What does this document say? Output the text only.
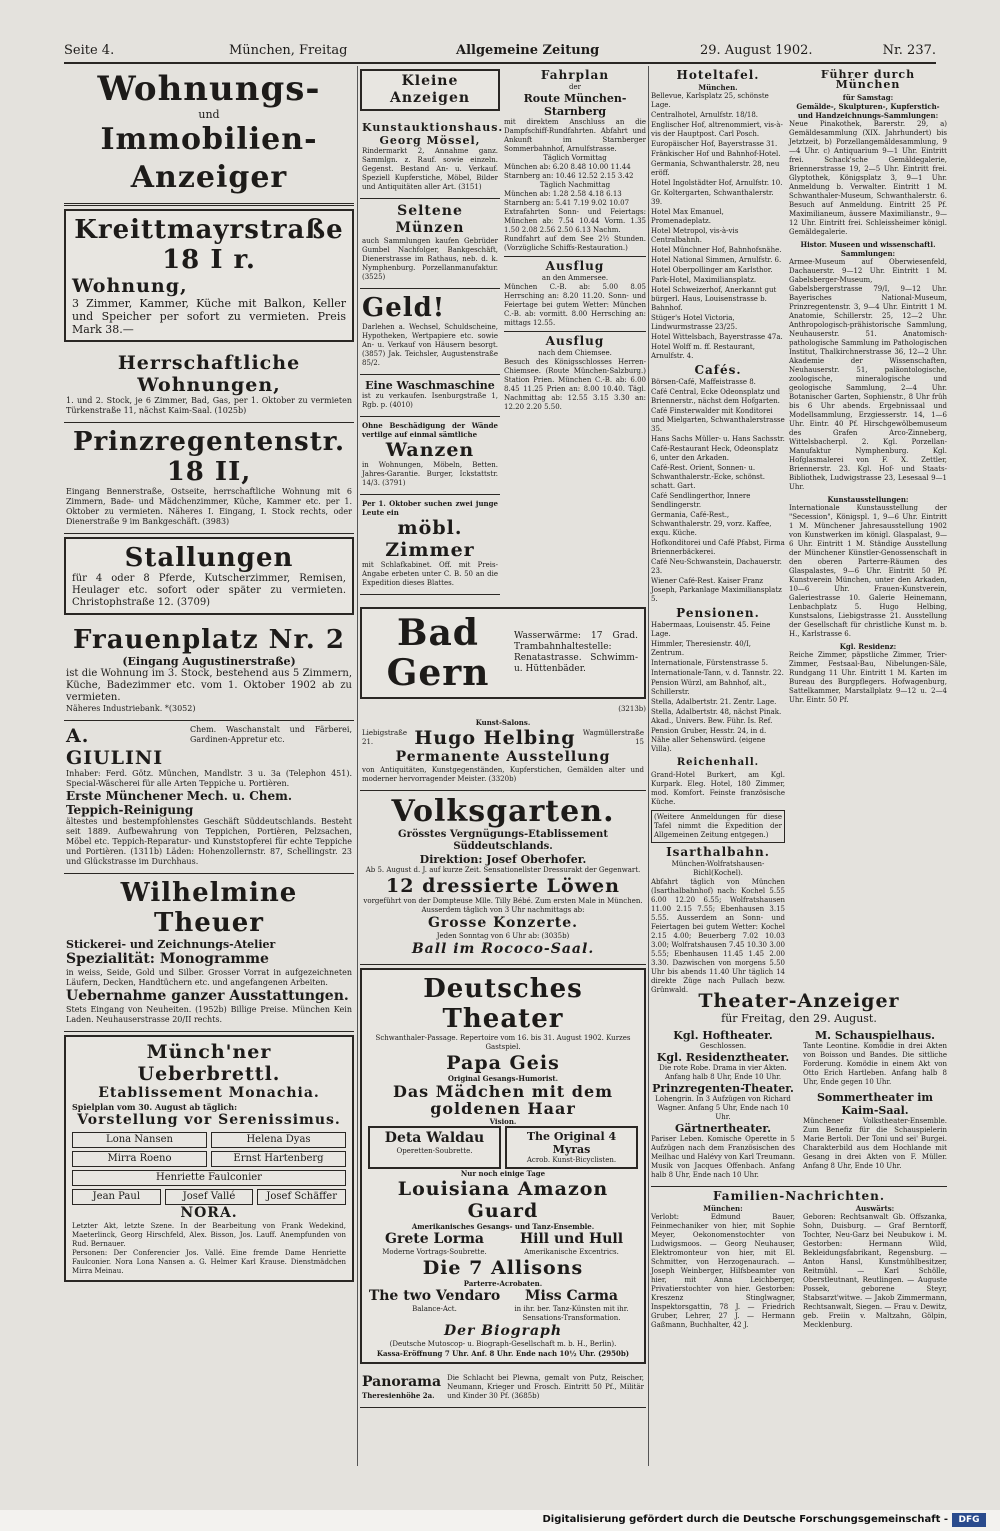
Seite 4.	München, Freitag	Allgemeine Zeitung	29. August 1902.	Nr. 237.
Wohnungs-
und
Immobilien-Anzeiger
Kreittmayrstraße 18 I r.
Wohnung,
3 Zimmer, Kammer, Küche mit Balkon, Keller und Speicher per sofort zu vermieten. Preis Mark 38.—
Herrschaftliche Wohnungen,
1. und 2. Stock, je 6 Zimmer, Bad, Gas, per 1. Oktober zu vermieten Türkenstraße 11, nächst Kaim-Saal. (1025b)
Prinzregentenstr. 18 II,
Eingang Bennerstraße, Ostseite, herrschaftliche Wohnung mit 6 Zimmern, Bade- und Mädchenzimmer, Küche, Kammer etc. per 1. Oktober zu vermieten. Näheres I. Eingang, I. Stock rechts, oder Dienerstraße 9 im Bankgeschäft. (3983)
Stallungen
für 4 oder 8 Pferde, Kutscherzimmer, Remisen, Heulager etc. sofort oder später zu vermieten. Christophstraße 12. (3709)
Frauenplatz Nr. 2
(Eingang Augustinerstraße)
ist die Wohnung im 3. Stock, bestehend aus 5 Zimmern, Küche, Badezimmer etc. vom 1. Oktober 1902 ab zu vermieten.
Näheres Industriebank. *(3052)
A. GIULINI
Chem. Waschanstalt und Färberei, Gardinen-Appretur etc.
Inhaber: Ferd. Götz. München, Mandlstr. 3 u. 3a (Telephon 451). Special-Wäscherei für alle Arten Teppiche u. Portièren.
Erste Münchener Mech. u. Chem. Teppich-Reinigung
ältestes und bestempfohlenstes Geschäft Süddeutschlands. Besteht seit 1889. Aufbewahrung von Teppichen, Portièren, Pelzsachen, Möbel etc. Teppich-Reparatur- und Kunststopferei für echte Teppiche und Portièren. (1311b) Läden: Hohenzollernstr. 87, Schellingstr. 23 und Glückstrasse im Durchhaus.
Wilhelmine Theuer
Stickerei- und Zeichnungs-Atelier
Spezialität: Monogramme
in weiss, Seide, Gold und Silber. Grosser Vorrat in aufgezeichneten Läufern, Decken, Handtüchern etc. und angefangenen Arbeiten.
Uebernahme ganzer Ausstattungen.
Stets Eingang von Neuheiten. (1952b) Billige Preise. München Kein Laden. Neuhauserstrasse 20/II rechts.
Münch'ner Ueberbrettl.
Etablissement Monachia.
Spielplan vom 30. August ab täglich:
Vorstellung vor Serenissimus.
Lona Nansen	Helena Dyas
Mirra Roeno	Ernst Hartenberg
Henriette Faulconier
Jean Paul	Josef Vallé	Josef Schäffer
NORA.
Letzter Akt, letzte Szene. In der Bearbeitung von Frank Wedekind, Maeterlinck, Georg Hirschfeld, Alex. Bisson, Jos. Lauff. Anempfunden von Rud. Bernauer.
Personen: Der Conferencier Jos. Vallé. Eine fremde Dame Henriette Faulconier. Nora Lona Nansen a. G. Helmer Karl Krause. Dienstmädchen Mirra Meinau.
Kleine Anzeigen
Kunstauktionshaus.
Georg Mössel,
Rindermarkt 2, Annahme ganz. Sammlgn. z. Rauf. sowie einzeln. Gegenst. Bestand An- u. Verkauf. Speziell Kupferstiche, Möbel, Bilder und Antiquitäten aller Art. (3151)
Seltene Münzen
auch Sammlungen kaufen Gebrüder Gumbel Nachfolger, Bankgeschäft, Dienerstrasse im Rathaus, neb. d. k. Nymphenburg. Porzellanmanufaktur. (3525)
Geld!
Darlehen a. Wechsel, Schuldscheine, Hypotheken, Wertpapiere etc. sowie An- u. Verkauf von Häusern besorgt. (3857) Jak. Teichsler, Augustenstraße 85/2.
Eine Waschmaschine
ist zu verkaufen. Isenburgstraße 1, Rgb. p. (4010)
Ohne Beschädigung der Wände vertilge auf einmal sämtliche
Wanzen
in Wohnungen, Möbeln, Betten. Jahres-Garantie. Burger, Ickstattstr. 14/3. (3791)
Per 1. Oktober suchen zwei junge Leute ein
möbl. Zimmer
mit Schlafkabinet. Off. mit Preis-Angabe erbeten unter C. B. 50 an die Expedition dieses Blattes.
Fahrplan
der
Route München-Starnberg
mit direktem Anschluss an die Dampfschiff-Rundfahrten. Abfahrt und Ankunft im Starnberger Sommerbahnhof, Arnulfstrasse.
Täglich Vormittag
München ab: 6.20 8.48 10.00 11.44
Starnberg an: 10.46 12.52 2.15 3.42
Täglich Nachmittag
München ab: 1.28 2.58 4.18 6.13
Starnberg an: 5.41 7.19 9.02 10.07
Extrafahrten Sonn- und Feiertags: München ab: 7.54 10.44 Vorm. 1.35 1.50 2.08 2.56 2.50 6.13 Nachm.
Rundfahrt auf dem See 2½ Stunden. (Vorzügliche Schiffs-Restauration.)
Ausflug
an den Ammersee.
München C.-B. ab: 5.00 8.05 Herrsching an: 8.20 11.20. Sonn- und Feiertage bei gutem Wetter: München C.-B. ab: vormitt. 8.00 Herrsching an: mittags 12.55.
Ausflug
nach dem Chiemsee.
Besuch des Königsschlosses Herren-Chiemsee. (Route München-Salzburg.) Station Prien. München C.-B. ab: 6.00 8.45 11.25 Prien an: 8.00 10.40. Tägl. Nachmittag ab: 12.55 3.15 3.30 an: 12.20 2.20 5.50.
Hoteltafel.
München.
Bellevue, Karlsplatz 25, schönste Lage.
Centralhotel, Arnulfstr. 18/18.
Englischer Hof, altrenommiert, vis-à-vis der Hauptpost. Carl Posch.
Europäischer Hof, Bayerstrasse 31.
Fränkischer Hof und Bahnhof-Hotel.
Germania, Schwanthalerstr. 28, neu eröff.
Hotel Ingolstädter Hof, Arnulfstr. 10.
Gr. Koltergarten, Schwanthalerstr. 39.
Hotel Max Emanuel, Promenadeplatz.
Hotel Metropol, vis-à-vis Centralbahnh.
Hotel Münchner Hof, Bahnhofsnähe.
Hotel National Simmen, Arnulfstr. 6.
Hotel Oberpollinger am Karlsthor.
Park-Hotel, Maximiliansplatz.
Hotel Schweizerhof, Anerkannt gut bürgerl. Haus, Louisenstrasse b. Bahnhof.
Stüger's Hotel Victoria, Lindwurmstrasse 23/25.
Hotel Wittelsbach, Bayerstrasse 47a.
Hotel Wolff m. ff. Restaurant, Arnulfstr. 4.
Cafés.
Börsen-Café, Maffeistrasse 8.
Café Central, Ecke Odeonsplatz und Briennerstr., nächst dem Hofgarten.
Café Finsterwalder mit Konditorei und Mielgarten, Schwanthalerstrasse 35.
Hans Sachs Müller- u. Hans Sachsstr.
Café-Restaurant Heck, Odeonsplatz 6, unter den Arkaden.
Café-Rest. Orient, Sonnen- u. Schwanthalerstr.-Ecke, schönst. schatt. Gart.
Café Sendlingerthor, Innere Sendlingerstr.
Germania, Café-Rest., Schwanthalerstr. 29, vorz. Kaffee, exqu. Küche.
Hofkonditorei und Café Pfabst, Firma Briennerbäckerei.
Café Neu-Schwanstein, Dachauerstr. 23.
Wiener Café-Rest. Kaiser Franz Joseph, Parkanlage Maximiliansplatz 5.
Pensionen.
Habermaas, Louisenstr. 45. Feine Lage.
Himmler, Theresienstr. 40/I, Zentrum.
Internationale, Fürstenstrasse 5.
Internationale-Tann, v. d. Tannstr. 22.
Pension Würzl, am Bahnhof, alt., Schillerstr.
Stella, Adalbertstr. 21. Zentr. Lage.
Stella, Adalbertstr. 48, nächst Pinak. Akad., Univers. Bew. Führ. Is. Ref.
Pension Gruber, Hesstr. 24, in d. Nähe aller Sehenswürd. (eigene Villa).
Reichenhall.
Grand-Hotel Burkert, am Kgl. Kurpark. Eleg. Hotel, 180 Zimmer, mod. Komfort. Feinste französische Küche.
(Weitere Anmeldungen für diese Tafel nimmt die Expedition der Allgemeinen Zeitung entgegen.)
Isarthalbahn.
München-Wolfratshausen-Bichl(Kochel).
Abfahrt täglich von München (Isarthalbahnhof) nach: Kochel 5.55 6.00 12.20 6.55; Wolfratshausen 11.00 2.15 7.55; Ebenhausen 3.15 5.55. Ausserdem an Sonn- und Feiertagen bei gutem Wetter: Kochel 2.15 4.00; Beuerberg 7.02 10.03 3.00; Wolfratshausen 7.45 10.30 3.00 5.55; Ebenhausen 11.45 1.45 2.00 3.30. Dazwischen von morgens 5.50 Uhr bis abends 11.40 Uhr täglich 14 direkte Züge nach Pullach bezw. Grünwald.
Führer durch München
für Samstag:
Gemälde-, Skulpturen-, Kupferstich- und Handzeichnungs-Sammlungen:
Neue Pinakothek, Barerstr. 29, a) Gemäldesammlung (XIX. Jahrhundert) bis Jetztzeit, b) Porzellangemäldesammlung, 9—4 Uhr. c) Antiquarium 9—1 Uhr. Eintritt frei. Schack'sche Gemäldegalerie, Briennerstrasse 19, 2—5 Uhr. Eintritt frei. Glyptothek, Königsplatz 3, 9—1 Uhr. Anmeldung b. Verwalter. Eintritt 1 M. Schwanthaler-Museum, Schwanthalerstr. 6. Besuch auf Anmeldung. Eintritt 25 Pf. Maximilianeum, äussere Maximilianstr., 9—12 Uhr. Eintritt frei. Schleissheimer königl. Gemäldegalerie.
Histor. Museen und wissenschaftl. Sammlungen:
Armee-Museum auf Oberwiesenfeld, Dachauerstr. 9—12 Uhr. Eintritt 1 M. Gabelsberger-Museum, Gabelsbergerstrasse 79/I, 9—12 Uhr. Bayerisches National-Museum, Prinzregentenstr. 3, 9—4 Uhr. Eintritt 1 M. Anatomie, Schillerstr. 25, 12—2 Uhr. Anthropologisch-prähistorische Sammlung, Neuhauserstr. 51. Anatomisch-pathologische Sammlung im Pathologischen Institut, Thalkirchnerstrasse 36, 12—2 Uhr. Akademie der Wissenschaften, Neuhauserstr. 51, paläontologische, zoologische, mineralogische und geologische Sammlung, 2—4 Uhr. Botanischer Garten, Sophienstr., 8 Uhr früh bis 6 Uhr abends. Ergebnissaal und Modellsammlung, Erzgiesserstr. 14, 1—6 Uhr. Eintr. 40 Pf. Hirschgewölbemuseum des Grafen Arco-Zinneberg, Wittelsbacherpl. 2. Kgl. Porzellan-Manufaktur Nymphenburg. Kgl. Hofglasmalerei von F. X. Zettler, Briennerstr. 23. Kgl. Hof- und Staats-Bibliothek, Ludwigstrasse 23, Lesesaal 9—1 Uhr.
Kunstausstellungen:
Internationale Kunstausstellung der "Secession", Königspl. 1, 9—6 Uhr. Eintritt 1 M. Münchener Jahresausstellung 1902 von Kunstwerken im königl. Glaspalast, 9—6 Uhr. Eintritt 1 M. Ständige Ausstellung der Münchener Künstler-Genossenschaft in den oberen Parterre-Räumen des Glaspalastes, 9—6 Uhr. Eintritt 50 Pf. Kunstverein München, unter den Arkaden, 10—6 Uhr. Frauen-Kunstverein, Galeriestrasse 10. Galerie Heinemann, Lenbachplatz 5. Hugo Helbing, Kunstsalons, Liebigstrasse 21. Ausstellung der Gesellschaft für christliche Kunst m. b. H., Karlstrasse 6.
Kgl. Residenz:
Reiche Zimmer, päpstliche Zimmer, Trier-Zimmer, Festsaal-Bau, Nibelungen-Säle, Rundgang 11 Uhr. Eintritt 1 M. Karten im Bureau des Burgpflegers. Hofwagenburg, Sattelkammer, Marstallplatz 9—12 u. 2—4 Uhr. Eintr. 50 Pf.
Bad Gern
Wasserwärme: 17 Grad. Trambahnhaltestelle: Renatastrasse. Schwimm- u. Hüttenbäder.
(3213b)
Kunst-Salons.
Liebigstraße 21.	Hugo Helbing	Wagmüllerstraße 15
Permanente Ausstellung
von Antiquitäten, Kunstgegenständen, Kupferstichen, Gemälden alter und moderner hervorragender Meister. (3320b)
Volksgarten.
Grösstes Vergnügungs-Etablissement Süddeutschlands.
Direktion: Josef Oberhofer.
Ab 5. August d. J. auf kurze Zeit. Sensationellster Dressurakt der Gegenwart.
12 dressierte Löwen
vorgeführt von der Dompteuse Mlle. Tilly Bébé. Zum ersten Male in München. Ausserdem täglich von 3 Uhr nachmittags ab:
Grosse Konzerte.
Jeden Sonntag von 6 Uhr ab: (3035b)
Ball im Rococo-Saal.
Deutsches Theater
Schwanthaler-Passage. Repertoire vom 16. bis 31. August 1902. Kurzes Gastspiel.
Papa Geis
Original Gesangs-Humorist.
Das Mädchen mit dem goldenen Haar
Vision.
Deta Waldau
Operetten-Soubrette.
The Original 4 Myras
Acrob. Kunst-Bicyclisten.
Nur noch einige Tage
Louisiana Amazon Guard
Amerikanisches Gesangs- und Tanz-Ensemble.
Grete Lorma
Moderne Vortrags-Soubrette.
Hill und Hull
Amerikanische Excentrics.
Die 7 Allisons
Parterre-Acrobaten.
The two Vendaro
Balance-Act.
Miss Carma
in ihr. ber. Tanz-Künsten mit ihr. Sensations-Transformation.
Der Biograph
(Deutsche Mutoscop- u. Biograph-Gesellschaft m. b. H., Berlin).
Kassa-Eröffnung 7 Uhr. Anf. 8 Uhr. Ende nach 10½ Uhr. (2950b)
Panorama
Theresienhöhe 2a.
Die Schlacht bei Plewna, gemalt von Putz, Reischer, Neumann, Krieger und Frosch. Eintritt 50 Pf., Militär und Kinder 30 Pf. (3685b)
Theater-Anzeiger
für Freitag, den 29. August.
Kgl. Hoftheater.
Geschlossen.
Kgl. Residenztheater.
Die rote Robe. Drama in vier Akten. Anfang halb 8 Uhr, Ende 10 Uhr.
Prinzregenten-Theater.
Lohengrin. In 3 Aufzügen von Richard Wagner. Anfang 5 Uhr, Ende nach 10 Uhr.
Gärtnertheater.
Pariser Leben. Komische Operette in 5 Aufzügen nach dem Französischen des Meilhac und Halévy von Karl Treumann. Musik von Jacques Offenbach. Anfang halb 8 Uhr, Ende nach 10 Uhr.
M. Schauspielhaus.
Tante Leontine. Komödie in drei Akten von Boisson und Bandes. Die sittliche Forderung. Komödie in einem Akt von Otto Erich Hartleben. Anfang halb 8 Uhr, Ende gegen 10 Uhr.
Sommertheater im Kaim-Saal.
Münchener Volkstheater-Ensemble. Zum Benefiz für die Schauspielerin Marie Bertoli. Der Toni und sei' Burgei. Charakterbild aus dem Hochlande mit Gesang in drei Akten von F. Müller. Anfang 8 Uhr, Ende 10 Uhr.
Familien-Nachrichten.
München:
Verlobt: Edmund Bauer, Feinmechaniker von hier, mit Sophie Meyer, Oekonomenstochter von Ludwigsmoos. — Georg Neuhauser, Elektromonteur von hier, mit El. Schmitter, von Herzogenaurach. — Joseph Weinberger, Hilfsbeamter von hier, mit Anna Leichberger, Privatierstochter von hier. Gestorben: Kreszenz Stinglwagner, Inspektorsgattin, 78 J. — Friedrich Gruber, Lehrer, 27 J. — Hermann Gaßmann, Buchhalter, 42 J.
Auswärts:
Geboren: Rechtsanwalt Gb. Offszanka, Sohn, Duisburg. — Graf Berntorff, Tochter, Neu-Garz bei Neubukow i. M. Gestorben: Hermann Wild, Bekleidungsfabrikant, Regensburg. — Anton Hansl, Kunstmühlbesitzer, Reitmühl. — Karl Schölle, Oberstleutnant, Reutlingen. — Auguste Possek, geborene Steyr, Stabsarzt'witwe. — Jakob Zimmermann, Rechtsanwalt, Siegen. — Frau v. Dewitz, geb. Freiin v. Maltzahn, Gölpin, Mecklenburg.
Digitalisierung gefördert durch die Deutsche Forschungsgemeinschaft -	DFG
